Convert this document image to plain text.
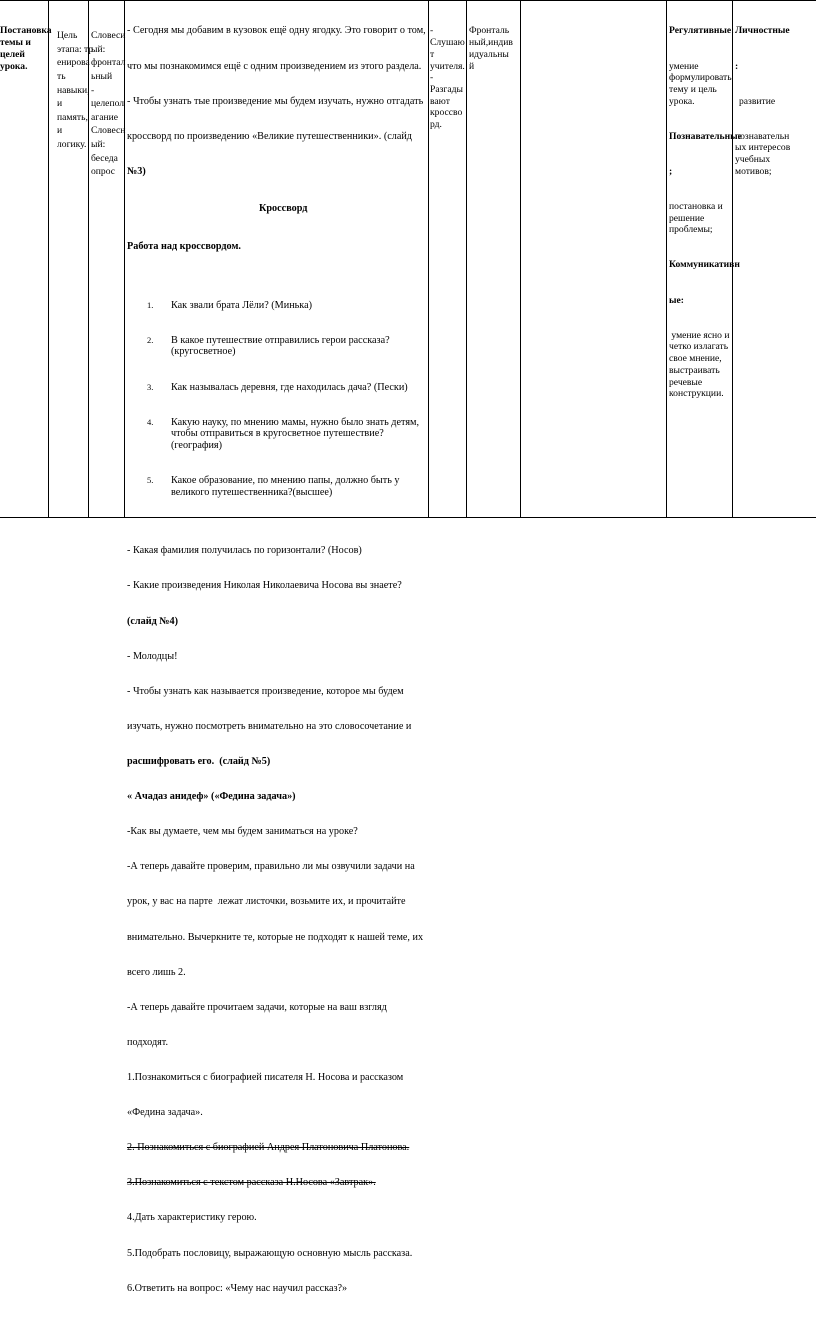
Постановка
темы и
целей
урока.

Цель
этапа: тр
енирова
ть
навыки,
и
память,
и
логику.

Словеси
ый:
фронтал
ьный
-
целепол
агание
Словесн
ый:
беседа
опрос

- Сегодня мы добавим в кузовок ещё одну ягодку. Это говорит о том,

что мы познакомимся ещё с одним произведением из этого раздела.

- Чтобы узнать тые произведение мы будем изучать, нужно отгадать

кроссворд по произведению «Великие путешественники». (слайд

№3)

Кроссворд

Работа над кроссвордом.

1. Как звали брата Лёли? (Минька)

2. В какое путешествие отправились герои рассказа?
(кругосветное)

3. Как называлась деревня, где находилась дача? (Пески)

4. Какую науку, по мнению мамы, нужно было знать детям,
чтобы отправиться в кругосветное путешествие?
(география)

5. Какое образование, по мнению папы, должно быть у
великого путешественника?(высшее)

- Какая фамилия получилась по горизонтали? (Носов)

- Какие произведения Николая Николаевича Носова вы знаете?

(слайд №4)

- Молодцы!

- Чтобы узнать как называется произведение, которое мы будем

изучать, нужно посмотреть внимательно на это словосочетание и

расшифровать его.  (слайд №5)

« Ачадаз анидеф» («Федина задача»)

-Как вы думаете, чем мы будем заниматься на уроке?

-А теперь давайте проверим, правильно ли мы озвучили задачи на

урок, у вас на парте  лежат листочки, возьмите их, и прочитайте

внимательно. Вычеркните те, которые не подходят к нашей теме, их

всего лишь 2.

-А теперь давайте прочитаем задачи, которые на ваш взгляд

подходят.

1.Познакомиться с биографией писателя Н. Носова и рассказом

«Федина задача».

2. Познакомиться с биографией Андрея Платоновича Платонова.

3.Познакомиться с текстом рассказа Н.Носова «Завтрак».

4.Дать характеристику герою.

5.Подобрать пословицу, выражающую основную мысль рассказа.

6.Ответить на вопрос: «Чему нас научил рассказ?»

-
Слушаю
т
учителя.
-
Разгады
вают
кроссво
рд.

Фронталь
ный,индив
идуальны
й

Регулятивные:

умение
формулировать
тему и цель
урока.

Познавательные

;

постановка и
решение
проблемы;

Коммуникативн

ые:

умение ясно и
четко излагать
свое мнение,
выстраивать
речевые
конструкции.

Личностные

:

развитие

познавательн
ых интересов
учебных
мотивов;
